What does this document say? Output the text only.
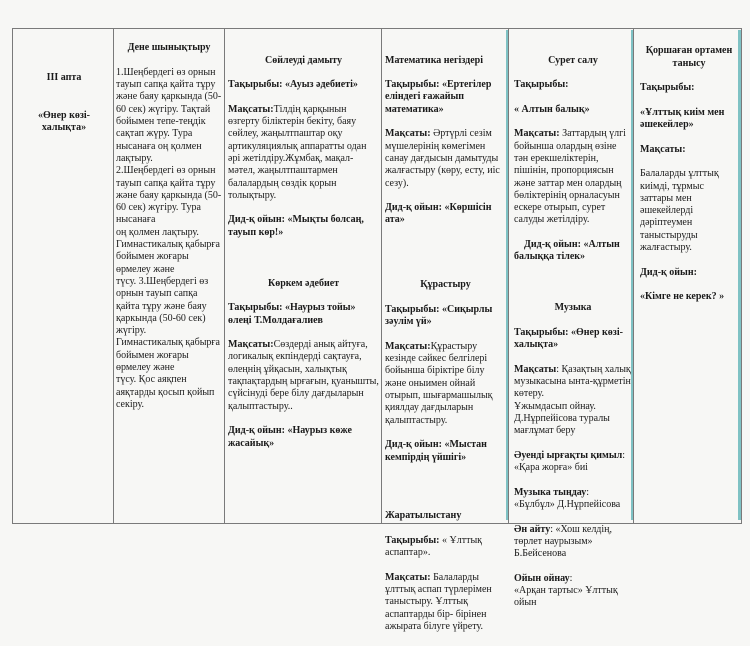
III апта

«Өнер көзі-халықта»

Дене шынықтыру

1.Шеңбердегі өз орнын тауып сапқа қайта тұру және баяу қаркында (50-60 сек) жүгіру. Тақтай бойымен тепе-теңдік сақтап жүру. Тура нысанаға оң қолмен лақтыру.
2.Шеңбердегі өз орнын тауып сапқа қайта тұру және баяу қаркында (50-60 сек) жүгіру. Тура нысанаға
оң қолмен лақтыру.
Гимнастикалық қабырға бойымен жоғары өрмелеу және
түсу. 3.Шеңбердегі өз
орнын тауып сапқа қайта тұру және баяу қаркында (50-60 сек) жүгіру.
Гимнастикалық қабырға бойымен жоғары өрмелеу және
түсу. Қос аяқпен аяқтарды қосып қойып секіру.

Сөйлеуді дамыту

Тақырыбы: «Ауыз әдебиеті»

Мақсаты:Тілдің қарқынын өзгерту біліктерін бекіту, баяу сөйлеу, жаңылтпаштар оқу артикуляциялық аппаратты одан әрі жетілдіру.Жұмбақ, мақал-мәтел, жаңылтпаштармен балалардың сөздік қорын толықтыру.

Дид-қ ойын: «Мықты болсаң, тауып көр!»

Көркем әдебиет

Тақырыбы: «Наурыз тойы» өлеңі Т.Молдағалиев

Мақсаты:Сөздерді анық айтуға, логикалық екпіндерді сақтауға, өлеңнің ұйқасын, халықтық тақпақтардың ырғағын, қуанышты, сүйсінуді бере білу дағдыларын қалыптастыру..

Дид-қ ойын: «Наурыз көже жасайық»

Математика негіздері

Тақырыбы: «Ертегілер еліндегі ғажайып математика»

Мақсаты: Әртүрлі сезім мүшелерінің көмегімен санау дағдысын дамытуды жалғастыру (көру, есту, иіс сезу).

Дид-қ ойын: «Көршісін ата»

Құрастыру

Тақырыбы: «Сиқырлы зәулім үй»

Мақсаты:Құрастыру кезінде сәйкес белгілері бойынша біріктіре білу және оныимен ойнай отырып, шығармашылық қиялдау дағдыларын қалыптастыру.

Дид-қ ойын: «Мыстан кемпірдің үйшігі»

Жаратылыстану

Тақырыбы: « Ұлттық аспаптар».

Мақсаты: Балаларды ұлттық аспап түрлерімен таныстыру. Ұлттық аспаптарды бір- бірінен ажырата білуге үйрету.

Сурет салу

Тақырыбы:

« Алтын балық»

Мақсаты: Заттардың үлгі бойынша олардың өзіне тән ерекшеліктерін, пішінін, пропорциясын және заттар мен олардың бөліктерінің орналасуын ескере отырып, сурет салуды жетілдіру.

Дид-қ ойын: «Алтын балыққа тілек»

Музыка

Тақырыбы: «Өнер көзі-халықта»

Мақсаты: Қазақтың халық музыкасына ынта-құрметін көтеру.
Ұжымдасып ойнау.
Д.Нұрпейісова туралы мағлұмат беру

Әуенді ырғақты қимыл:
«Қара жорға» биі

Музыка тыңдау:
«Бұлбұл» Д.Нұрпейісова

Ән айту: «Хош келдің, төрлет наурызым»
Б.Бейсенова

Ойын ойнау:
«Арқан тартыс» Ұлттық ойын

Қоршаған ортамен танысу

Тақырыбы:

«Ұлттық киім мен әшекейлер»

Мақсаты:

Балаларды ұлттық киімді, тұрмыс заттары мен әшекейлерді дәріптеумен таныстыруды жалғастыру.

Дид-қ ойын:

«Кімге не керек? »
